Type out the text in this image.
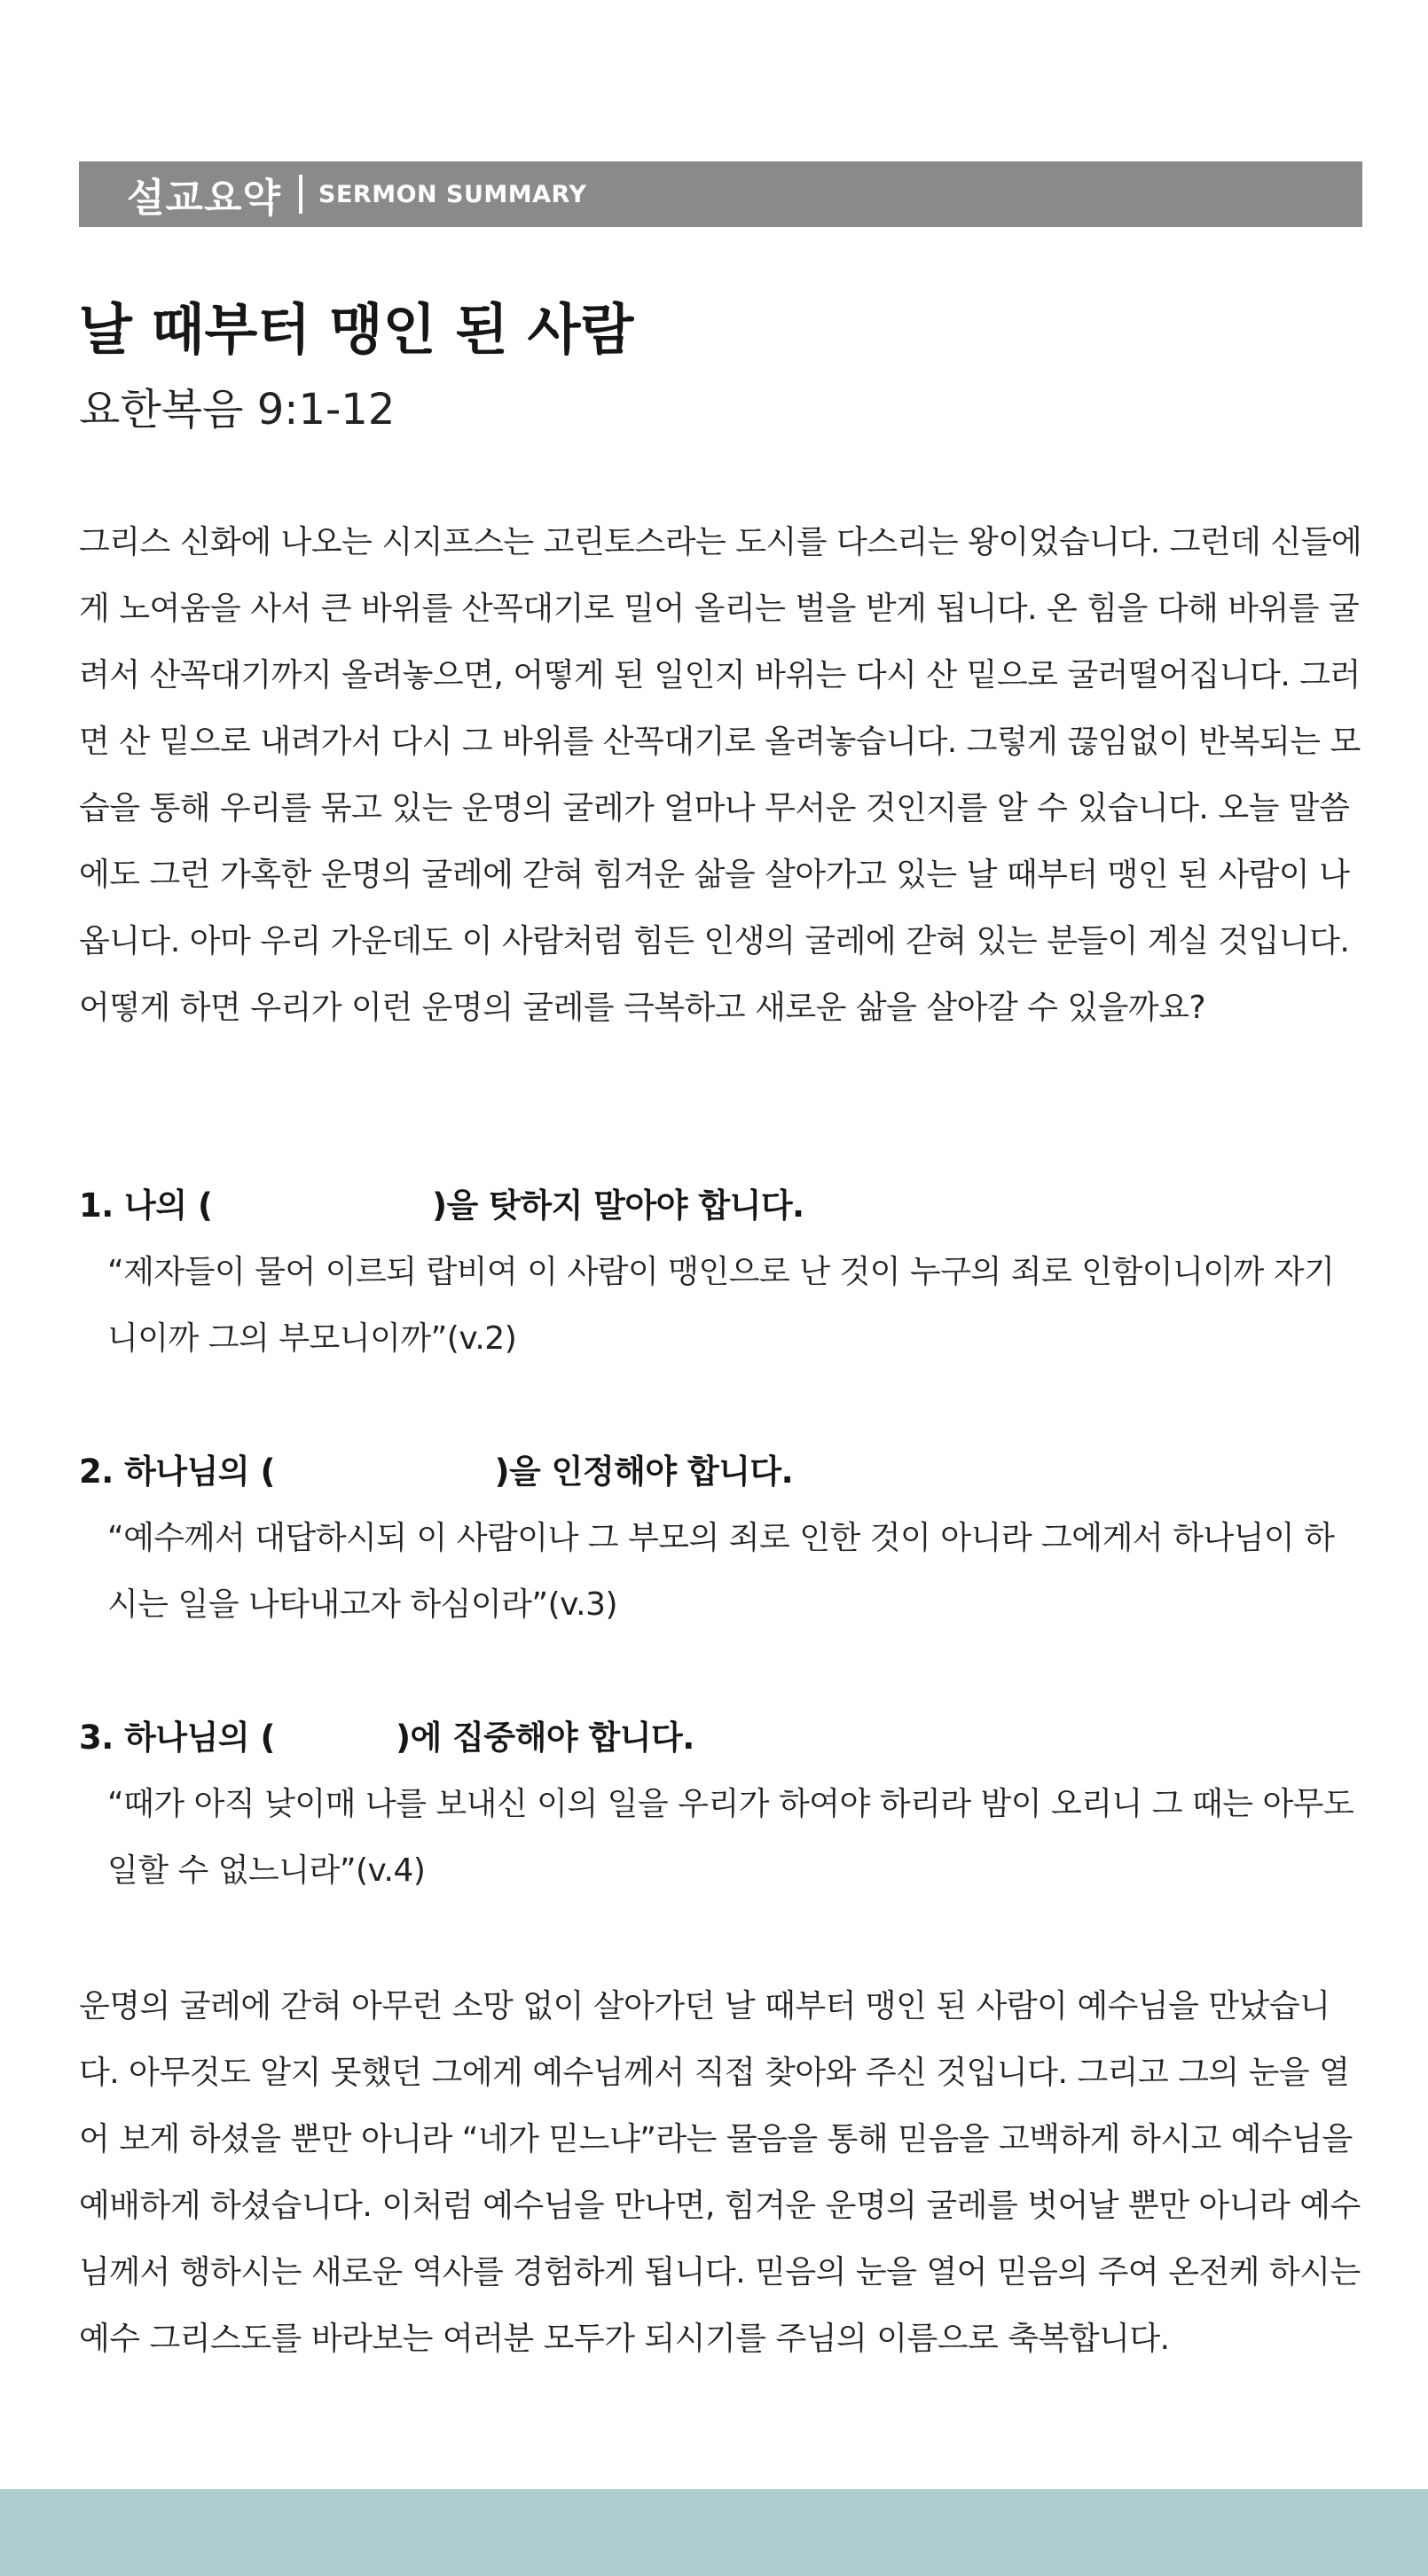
설교요약 SERMON SUMMARY
날 때부터 맹인 된 사람
요한복음 9:1-12

그리스 신화에 나오는 시지프스는 고린토스라는 도시를 다스리는 왕이었습니다. 그런데 신들에게 노여움을 사서 큰 바위를 산꼭대기로 밀어 올리는 벌을 받게 됩니다. 온 힘을 다해 바위를 굴려서 산꼭대기까지 올려놓으면, 어떻게 된 일인지 바위는 다시 산 밑으로 굴러떨어집니다. 그러면 산 밑으로 내려가서 다시 그 바위를 산꼭대기로 올려놓습니다. 그렇게 끊임없이 반복되는 모습을 통해 우리를 묶고 있는 운명의 굴레가 얼마나 무서운 것인지를 알 수 있습니다. 오늘 말씀에도 그런 가혹한 운명의 굴레에 갇혀 힘겨운 삶을 살아가고 있는 날 때부터 맹인 된 사람이 나옵니다. 아마 우리 가운데도 이 사람처럼 힘든 인생의 굴레에 갇혀 있는 분들이 계실 것입니다. 어떻게 하면 우리가 이런 운명의 굴레를 극복하고 새로운 삶을 살아갈 수 있을까요?

1. 나의 (                    )을 탓하지 말아야 합니다.
“제자들이 물어 이르되 랍비여 이 사람이 맹인으로 난 것이 누구의 죄로 인함이니이까 자기니이까 그의 부모니이까”(v.2)
2. 하나님의 (                    )을 인정해야 합니다.
“예수께서 대답하시되 이 사람이나 그 부모의 죄로 인한 것이 아니라 그에게서 하나님이 하시는 일을 나타내고자 하심이라”(v.3)
3. 하나님의 (           )에 집중해야 합니다.
“때가 아직 낮이매 나를 보내신 이의 일을 우리가 하여야 하리라 밤이 오리니 그 때는 아무도 일할 수 없느니라”(v.4)

운명의 굴레에 갇혀 아무런 소망 없이 살아가던 날 때부터 맹인 된 사람이 예수님을 만났습니다. 아무것도 알지 못했던 그에게 예수님께서 직접 찾아와 주신 것입니다. 그리고 그의 눈을 열어 보게 하셨을 뿐만 아니라 “네가 믿느냐”라는 물음을 통해 믿음을 고백하게 하시고 예수님을 예배하게 하셨습니다. 이처럼 예수님을 만나면, 힘겨운 운명의 굴레를 벗어날 뿐만 아니라 예수님께서 행하시는 새로운 역사를 경험하게 됩니다. 믿음의 눈을 열어 믿음의 주여 온전케 하시는 예수 그리스도를 바라보는 여러분 모두가 되시기를 주님의 이름으로 축복합니다.
